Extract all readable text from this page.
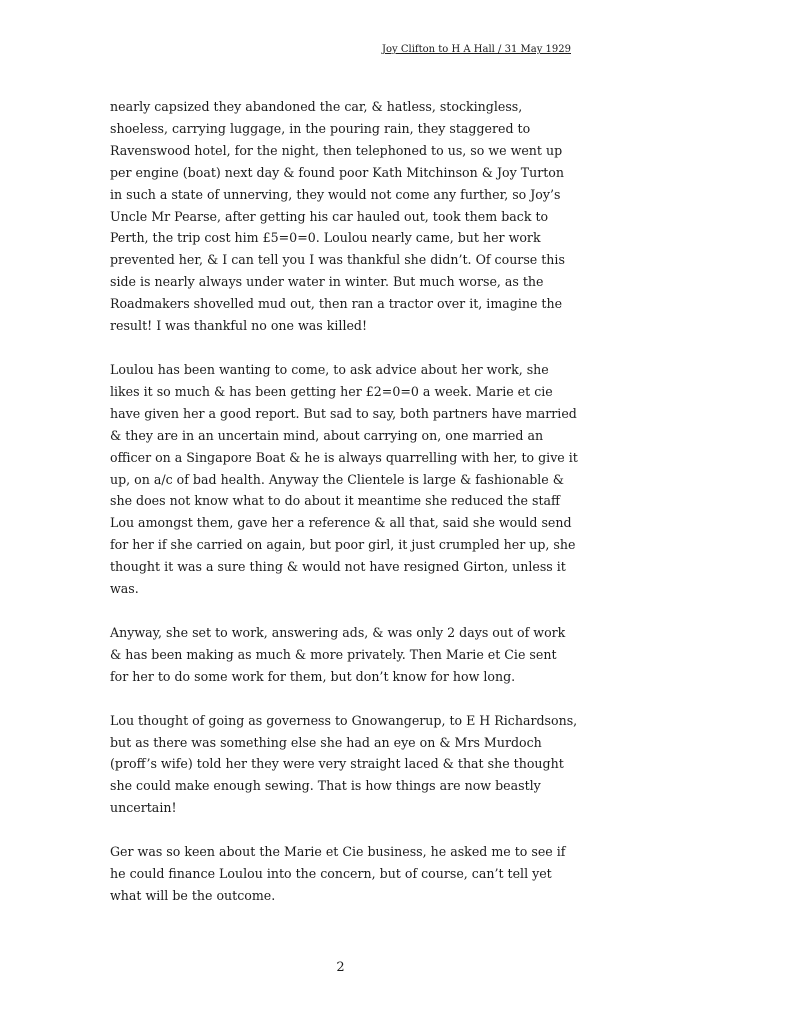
Joy Clifton to H A Hall / 31 May 1929

nearly capsized they abandoned the car, & hatless, stockingless,
shoeless, carrying luggage, in the pouring rain, they staggered to
Ravenswood hotel, for the night, then telephoned to us, so we went up
per engine (boat) next day & found poor Kath Mitchinson & Joy Turton
in such a state of unnerving, they would not come any further, so Joy’s
Uncle Mr Pearse, after getting his car hauled out, took them back to
Perth, the trip cost him £5=0=0. Loulou nearly came, but her work
prevented her, & I can tell you I was thankful she didn’t. Of course this
side is nearly always under water in winter. But much worse, as the
Roadmakers shovelled mud out, then ran a tractor over it, imagine the
result! I was thankful no one was killed!

Loulou has been wanting to come, to ask advice about her work, she
likes it so much & has been getting her £2=0=0 a week. Marie et cie
have given her a good report. But sad to say, both partners have married
& they are in an uncertain mind, about carrying on, one married an
officer on a Singapore Boat & he is always quarrelling with her, to give it
up, on a/c of bad health. Anyway the Clientele is large & fashionable &
she does not know what to do about it meantime she reduced the staff
Lou amongst them, gave her a reference & all that, said she would send
for her if she carried on again, but poor girl, it just crumpled her up, she
thought it was a sure thing & would not have resigned Girton, unless it
was.

Anyway, she set to work, answering ads, & was only 2 days out of work
& has been making as much & more privately. Then Marie et Cie sent
for her to do some work for them, but don’t know for how long.

Lou thought of going as governess to Gnowangerup, to E H Richardsons,
but as there was something else she had an eye on & Mrs Murdoch
(proff’s wife) told her they were very straight laced & that she thought
she could make enough sewing. That is how things are now beastly
uncertain!

Ger was so keen about the Marie et Cie business, he asked me to see if
he could finance Loulou into the concern, but of course, can’t tell yet
what will be the outcome.

2
